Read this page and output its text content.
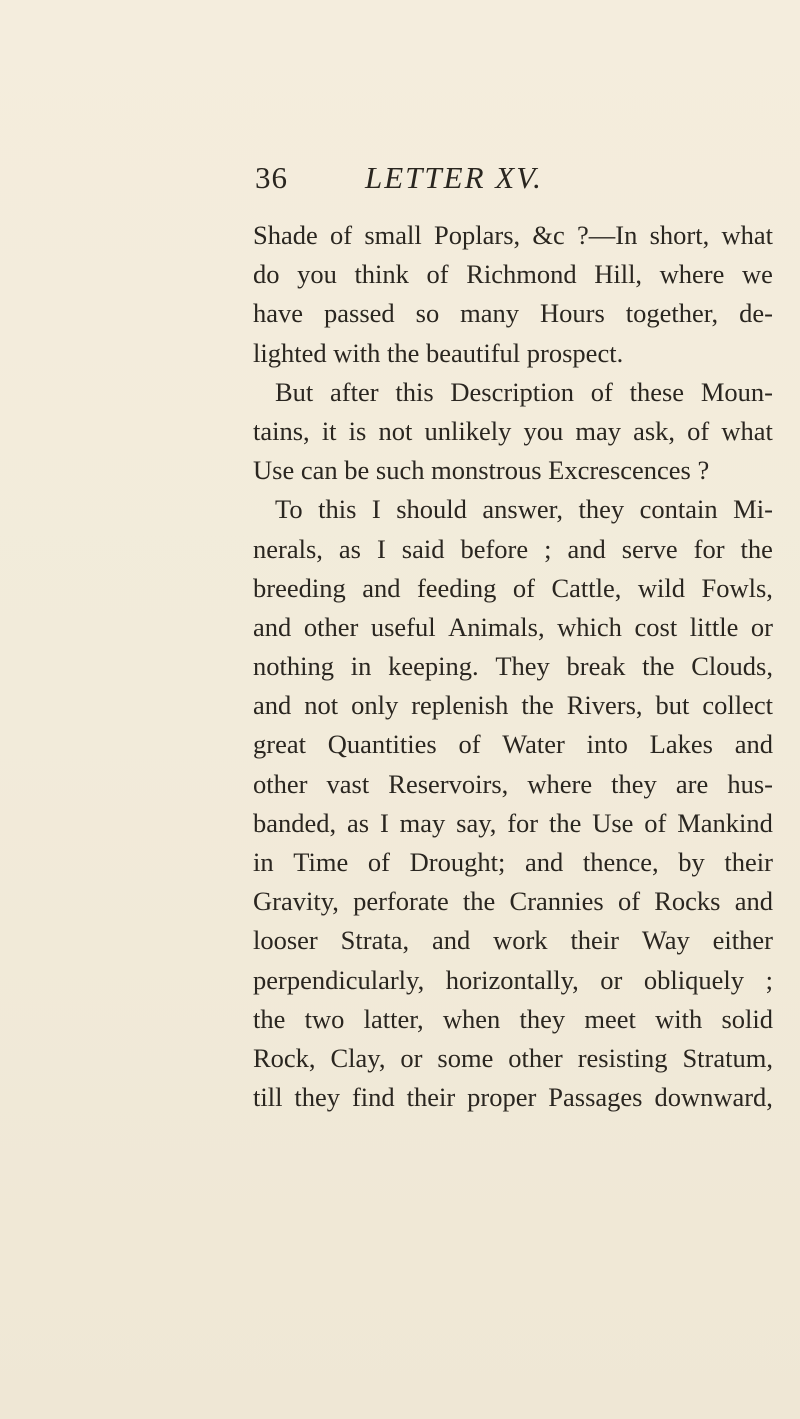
36 LETTER XV.
Shade of small Poplars, &c ?—In short, what
do you think of Richmond Hill, where we
have passed so many Hours together, de-
lighted with the beautiful prospect.
But after this Description of these Moun-
tains, it is not unlikely you may ask, of what
Use can be such monstrous Excrescences ?
To this I should answer, they contain Mi-
nerals, as I said before ; and serve for the
breeding and feeding of Cattle, wild Fowls,
and other useful Animals, which cost little or
nothing in keeping. They break the Clouds,
and not only replenish the Rivers, but collect
great Quantities of Water into Lakes and
other vast Reservoirs, where they are hus-
banded, as I may say, for the Use of Mankind
in Time of Drought; and thence, by their
Gravity, perforate the Crannies of Rocks and
looser Strata, and work their Way either
perpendicularly, horizontally, or obliquely ;
the two latter, when they meet with solid
Rock, Clay, or some other resisting Stratum,
till they find their proper Passages downward,
